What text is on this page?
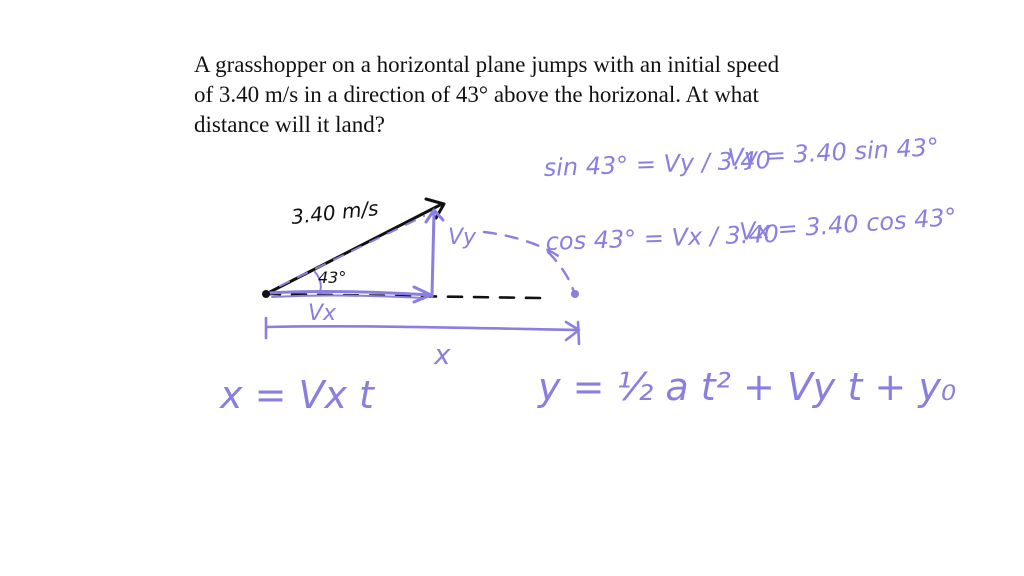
A grasshopper on a horizontal plane jumps with an initial speed
of 3.40 m/s in a direction of 43° above the horizonal. At what
distance will it land?
3.40 m/s
43°
Vx
Vy
x
sin 43° = Vy / 3.40
Vy = 3.40 sin 43°
cos 43° = Vx / 3.40
Vx = 3.40 cos 43°
x = Vx t	y = ½ a t² + Vy t + y₀
